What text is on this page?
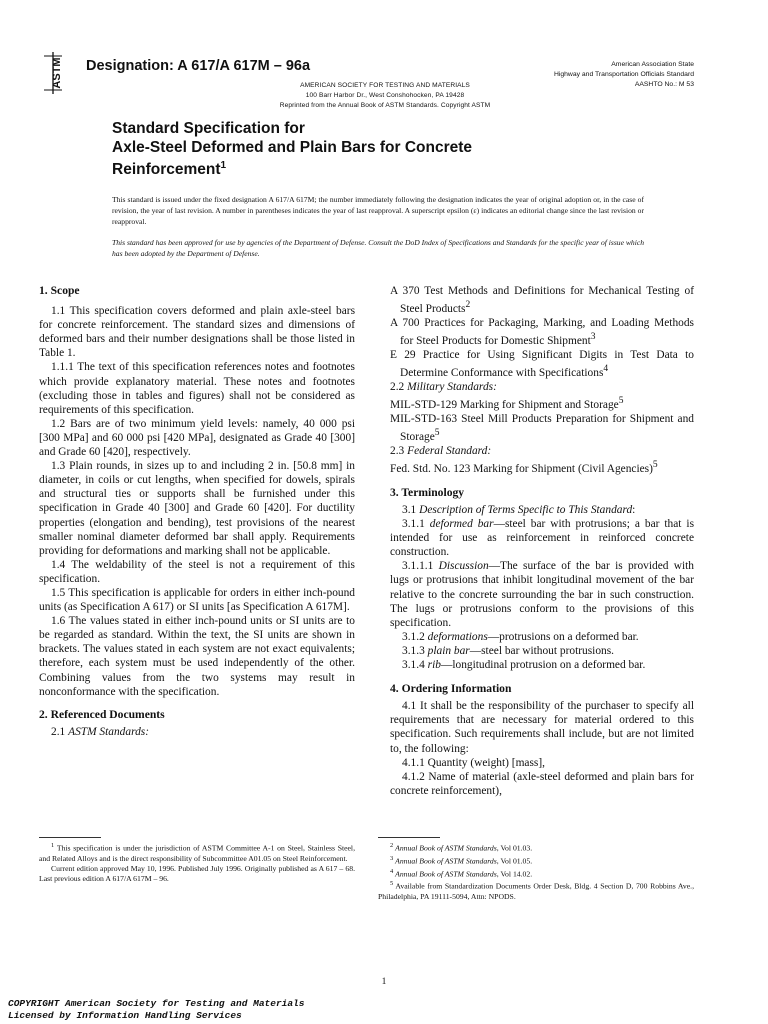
ASTM Designation: A 617/A 617M – 96a
AMERICAN SOCIETY FOR TESTING AND MATERIALS
100 Barr Harbor Dr., West Conshohocken, PA 19428
Reprinted from the Annual Book of ASTM Standards. Copyright ASTM
American Association State
Highway and Transportation Officials Standard
AASHTO No.: M 53
Standard Specification for
Axle-Steel Deformed and Plain Bars for Concrete
Reinforcement$^1$
This standard is issued under the fixed designation A 617/A 617M; the number immediately following the designation indicates the year of original adoption or, in the case of revision, the year of last revision. A number in parentheses indicates the year of last reapproval. A superscript epsilon (ε) indicates an editorial change since the last revision or reapproval.
This standard has been approved for use by agencies of the Department of Defense. Consult the DoD Index of Specifications and Standards for the specific year of issue which has been adopted by the Department of Defense.

1. Scope

1.1 This specification covers deformed and plain axle-steel bars for concrete reinforcement. The standard sizes and dimensions of deformed bars and their number designations shall be those listed in Table 1.

1.1.1 The text of this specification references notes and footnotes which provide explanatory material. These notes and footnotes (excluding those in tables and figures) shall not be considered as requirements of this specification.

1.2 Bars are of two minimum yield levels: namely, 40 000 psi [300 MPa] and 60 000 psi [420 MPa], designated as Grade 40 [300] and Grade 60 [420], respectively.

1.3 Plain rounds, in sizes up to and including 2 in. [50.8 mm] in diameter, in coils or cut lengths, when specified for dowels, spirals and structural ties or supports shall be furnished under this specification in Grade 40 [300] and Grade 60 [420]. For ductility properties (elongation and bending), test provisions of the nearest smaller nominal diameter deformed bar shall apply. Requirements providing for deformations and marking shall not be applicable.

1.4 The weldability of the steel is not a requirement of this specification.

1.5 This specification is applicable for orders in either inch-pound units (as Specification A 617) or SI units [as Specification A 617M].

1.6 The values stated in either inch-pound units or SI units are to be regarded as standard. Within the text, the SI units are shown in brackets. The values stated in each system are not exact equivalents; therefore, each system must be used independently of the other. Combining values from the two systems may result in nonconformance with the specification.

2. Referenced Documents

2.1 ASTM Standards:

A 370 Test Methods and Definitions for Mechanical Testing of Steel Products$^2$

A 700 Practices for Packaging, Marking, and Loading Methods for Steel Products for Domestic Shipment$^3$

E 29 Practice for Using Significant Digits in Test Data to Determine Conformance with Specifications$^4$

2.2 Military Standards:

MIL-STD-129 Marking for Shipment and Storage$^5$

MIL-STD-163 Steel Mill Products Preparation for Shipment and Storage$^5$

2.3 Federal Standard:

Fed. Std. No. 123 Marking for Shipment (Civil Agencies)$^5$

3. Terminology

3.1 Description of Terms Specific to This Standard:

3.1.1 deformed bar—steel bar with protrusions; a bar that is intended for use as reinforcement in reinforced concrete construction.

3.1.1.1 Discussion—The surface of the bar is provided with lugs or protrusions that inhibit longitudinal movement of the bar relative to the concrete surrounding the bar in such construction. The lugs or protrusions conform to the provisions of this specification.

3.1.2 deformations—protrusions on a deformed bar.

3.1.3 plain bar—steel bar without protrusions.

3.1.4 rib—longitudinal protrusion on a deformed bar.

4. Ordering Information

4.1 It shall be the responsibility of the purchaser to specify all requirements that are necessary for material ordered to this specification. Such requirements shall include, but are not limited to, the following:

4.1.1 Quantity (weight) [mass],

4.1.2 Name of material (axle-steel deformed and plain bars for concrete reinforcement),

$^1$ This specification is under the jurisdiction of ASTM Committee A-1 on Steel, Stainless Steel, and Related Alloys and is the direct responsibility of Subcommittee A01.05 on Steel Reinforcement.

Current edition approved May 10, 1996. Published July 1996. Originally published as A 617 – 68. Last previous edition A 617/A 617M – 96.

$^2$ Annual Book of ASTM Standards, Vol 01.03.

$^3$ Annual Book of ASTM Standards, Vol 01.05.

$^4$ Annual Book of ASTM Standards, Vol 14.02.

$^5$ Available from Standardization Documents Order Desk, Bldg. 4 Section D, 700 Robbins Ave., Philadelphia, PA 19111-5094, Attn: NPODS.

1
COPYRIGHT American Society for Testing and Materials
Licensed by Information Handling Services
